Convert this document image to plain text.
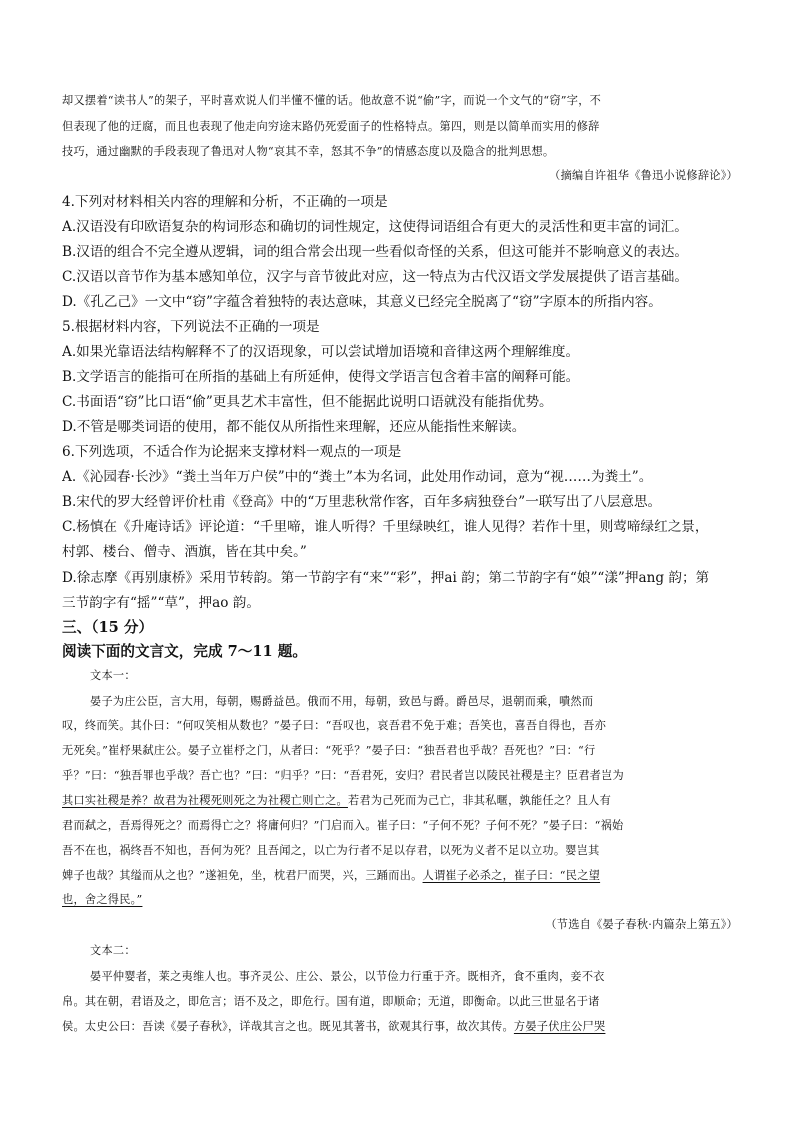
却又摆着“读书人”的架子，平时喜欢说人们半懂不懂的话。他故意不说“偷”字，而说一个文气的“窃”字，不
但表现了他的迂腐，而且也表现了他走向穷途末路仍死爱面子的性格特点。第四，则是以简单而实用的修辞
技巧，通过幽默的手段表现了鲁迅对人物“哀其不幸，怒其不争”的情感态度以及隐含的批判思想。
（摘编自许祖华《鲁迅小说修辞论》）
4.下列对材料相关内容的理解和分析，不正确的一项是
A.汉语没有印欧语复杂的构词形态和确切的词性规定，这使得词语组合有更大的灵活性和更丰富的词汇。
B.汉语的组合不完全遵从逻辑，词的组合常会出现一些看似奇怪的关系，但这可能并不影响意义的表达。
C.汉语以音节作为基本感知单位，汉字与音节彼此对应，这一特点为古代汉语文学发展提供了语言基础。
D.《孔乙己》一文中“窃”字蕴含着独特的表达意味，其意义已经完全脱离了“窃”字原本的所指内容。
5.根据材料内容，下列说法不正确的一项是
A.如果光靠语法结构解释不了的汉语现象，可以尝试增加语境和音律这两个理解维度。
B.文学语言的能指可在所指的基础上有所延伸，使得文学语言包含着丰富的阐释可能。
C.书面语“窃”比口语“偷”更具艺术丰富性，但不能据此说明口语就没有能指优势。
D.不管是哪类词语的使用，都不能仅从所指性来理解，还应从能指性来解读。
6.下列选项，不适合作为论据来支撑材料一观点的一项是
A.《沁园春·长沙》“粪土当年万户侯”中的“粪土”本为名词，此处用作动词，意为“视……为粪土”。
B.宋代的罗大经曾评价杜甫《登高》中的“万里悲秋常作客，百年多病独登台”一联写出了八层意思。
C.杨慎在《升庵诗话》评论道：“千里啼，谁人听得？千里绿映红，谁人见得？若作十里，则莺啼绿红之景，
村郭、楼台、僧寺、酒旗，皆在其中矣。”
D.徐志摩《再别康桥》采用节转韵。第一节韵字有“来”“彩”，押ai 韵；第二节韵字有“娘”“漾”押ang 韵；第
三节韵字有“摇”“草”，押ao 韵。
三、（15 分）
阅读下面的文言文，完成 7～11 题。
文本一：
晏子为庄公臣，言大用，每朝，赐爵益邑。俄而不用，每朝，致邑与爵。爵邑尽，退朝而乘，嘳然而
叹，终而笑。其仆曰：“何叹笑相从数也？”晏子曰：“吾叹也，哀吾君不免于难；吾笑也，喜吾自得也，吾亦
无死矣。”崔杼果弑庄公。晏子立崔杼之门，从者曰：“死乎？”晏子曰：“独吾君也乎哉？吾死也？”曰：“行
乎？”曰：“独吾罪也乎哉？吾亡也？”曰：“归乎？”曰：“吾君死，安归？君民者岂以陵民社稷是主？臣君者岂为
其口实社稷是养？故君为社稷死则死之为社稷亡则亡之。若君为己死而为己亡，非其私暱，孰能任之？且人有
君而弑之，吾焉得死之？而焉得亡之？将庸何归？”门启而入。崔子曰：“子何不死？子何不死？”晏子曰：“祸始
吾不在也，祸终吾不知也，吾何为死？且吾闻之，以亡为行者不足以存君，以死为义者不足以立功。婴岂其
婢子也哉？其缢而从之也？”遂袒免，坐，枕君尸而哭，兴，三踊而出。人谓崔子必杀之，崔子曰：“民之望
也，舍之得民。”
（节选自《晏子春秋·内篇杂上第五》）
文本二：
晏平仲婴者，莱之夷维人也。事齐灵公、庄公、景公，以节俭力行重于齐。既相齐，食不重肉，妾不衣
帛。其在朝，君语及之，即危言；语不及之，即危行。国有道，即顺命；无道，即衡命。以此三世显名于诸
侯。太史公曰：吾读《晏子春秋》，详哉其言之也。既见其著书，欲观其行事，故次其传。方晏子伏庄公尸哭
